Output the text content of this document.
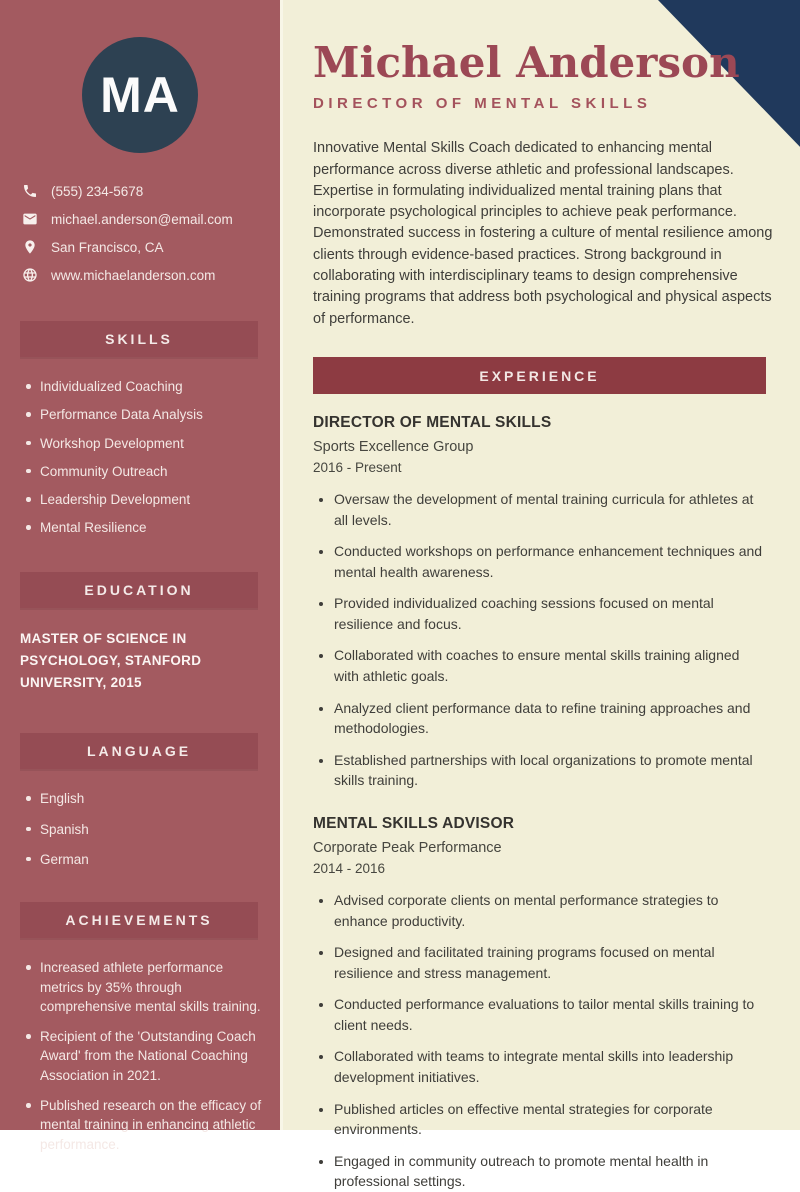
MA
(555) 234-5678
michael.anderson@email.com
San Francisco, CA
www.michaelanderson.com
SKILLS
Individualized Coaching
Performance Data Analysis
Workshop Development
Community Outreach
Leadership Development
Mental Resilience
EDUCATION
MASTER OF SCIENCE IN PSYCHOLOGY, STANFORD UNIVERSITY, 2015
LANGUAGE
English
Spanish
German
ACHIEVEMENTS
Increased athlete performance metrics by 35% through comprehensive mental skills training.
Recipient of the 'Outstanding Coach Award' from the National Coaching Association in 2021.
Published research on the efficacy of mental training in enhancing athletic performance.
Michael Anderson
DIRECTOR OF MENTAL SKILLS

Innovative Mental Skills Coach dedicated to enhancing mental performance across diverse athletic and professional landscapes. Expertise in formulating individualized mental training plans that incorporate psychological principles to achieve peak performance. Demonstrated success in fostering a culture of mental resilience among clients through evidence-based practices. Strong background in collaborating with interdisciplinary teams to design comprehensive training programs that address both psychological and physical aspects of performance.

EXPERIENCE
DIRECTOR OF MENTAL SKILLS
Sports Excellence Group
2016 - Present
• Oversaw the development of mental training curricula for athletes at all levels.
• Conducted workshops on performance enhancement techniques and mental health awareness.
• Provided individualized coaching sessions focused on mental resilience and focus.
• Collaborated with coaches to ensure mental skills training aligned with athletic goals.
• Analyzed client performance data to refine training approaches and methodologies.
• Established partnerships with local organizations to promote mental skills training.
MENTAL SKILLS ADVISOR
Corporate Peak Performance
2014 - 2016
• Advised corporate clients on mental performance strategies to enhance productivity.
• Designed and facilitated training programs focused on mental resilience and stress management.
• Conducted performance evaluations to tailor mental skills training to client needs.
• Collaborated with teams to integrate mental skills into leadership development initiatives.
• Published articles on effective mental strategies for corporate environments.
• Engaged in community outreach to promote mental health in professional settings.
